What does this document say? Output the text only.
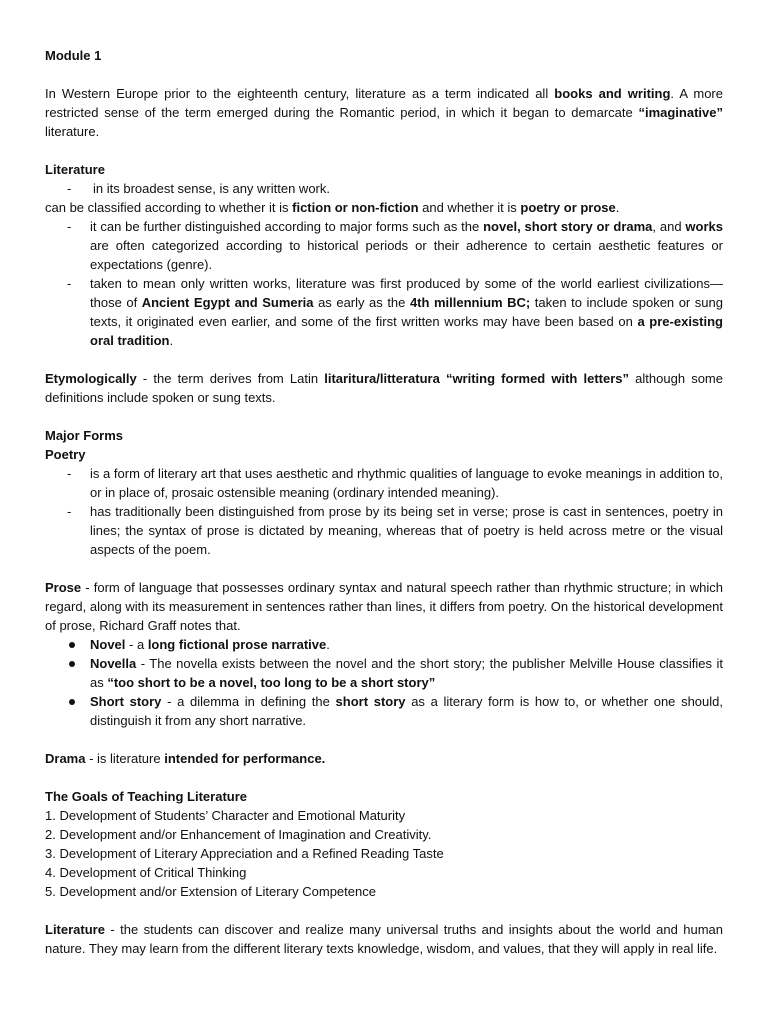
Module 1

In Western Europe prior to the eighteenth century, literature as a term indicated all books and writing. A more restricted sense of the term emerged during the Romantic period, in which it began to demarcate “imaginative” literature.

Literature

- in its broadest sense, is any written work.

can be classified according to whether it is fiction or non-fiction and whether it is poetry or prose.

- it can be further distinguished according to major forms such as the novel, short story or drama, and works are often categorized according to historical periods or their adherence to certain aesthetic features or expectations (genre).
- taken to mean only written works, literature was first produced by some of the world earliest civilizations—those of Ancient Egypt and Sumeria as early as the 4th millennium BC; taken to include spoken or sung texts, it originated even earlier, and some of the first written works may have been based on a pre-existing oral tradition.

Etymologically - the term derives from Latin litaritura/litteratura “writing formed with letters” although some definitions include spoken or sung texts.

Major Forms

Poetry

- is a form of literary art that uses aesthetic and rhythmic qualities of language to evoke meanings in addition to, or in place of, prosaic ostensible meaning (ordinary intended meaning).
- has traditionally been distinguished from prose by its being set in verse; prose is cast in sentences, poetry in lines; the syntax of prose is dictated by meaning, whereas that of poetry is held across metre or the visual aspects of the poem.

Prose - form of language that possesses ordinary syntax and natural speech rather than rhythmic structure; in which regard, along with its measurement in sentences rather than lines, it differs from poetry. On the historical development of prose, Richard Graff notes that.

Novel - a long fictional prose narrative.
Novella - The novella exists between the novel and the short story; the publisher Melville House classifies it as “too short to be a novel, too long to be a short story”
Short story - a dilemma in defining the short story as a literary form is how to, or whether one should, distinguish it from any short narrative.

Drama - is literature intended for performance.

The Goals of Teaching Literature

1. Development of Students’ Character and Emotional Maturity
2. Development and/or Enhancement of Imagination and Creativity.
3. Development of Literary Appreciation and a Refined Reading Taste
4. Development of Critical Thinking
5. Development and/or Extension of Literary Competence

Literature - the students can discover and realize many universal truths and insights about the world and human nature. They may learn from the different literary texts knowledge, wisdom, and values, that they will apply in real life.
